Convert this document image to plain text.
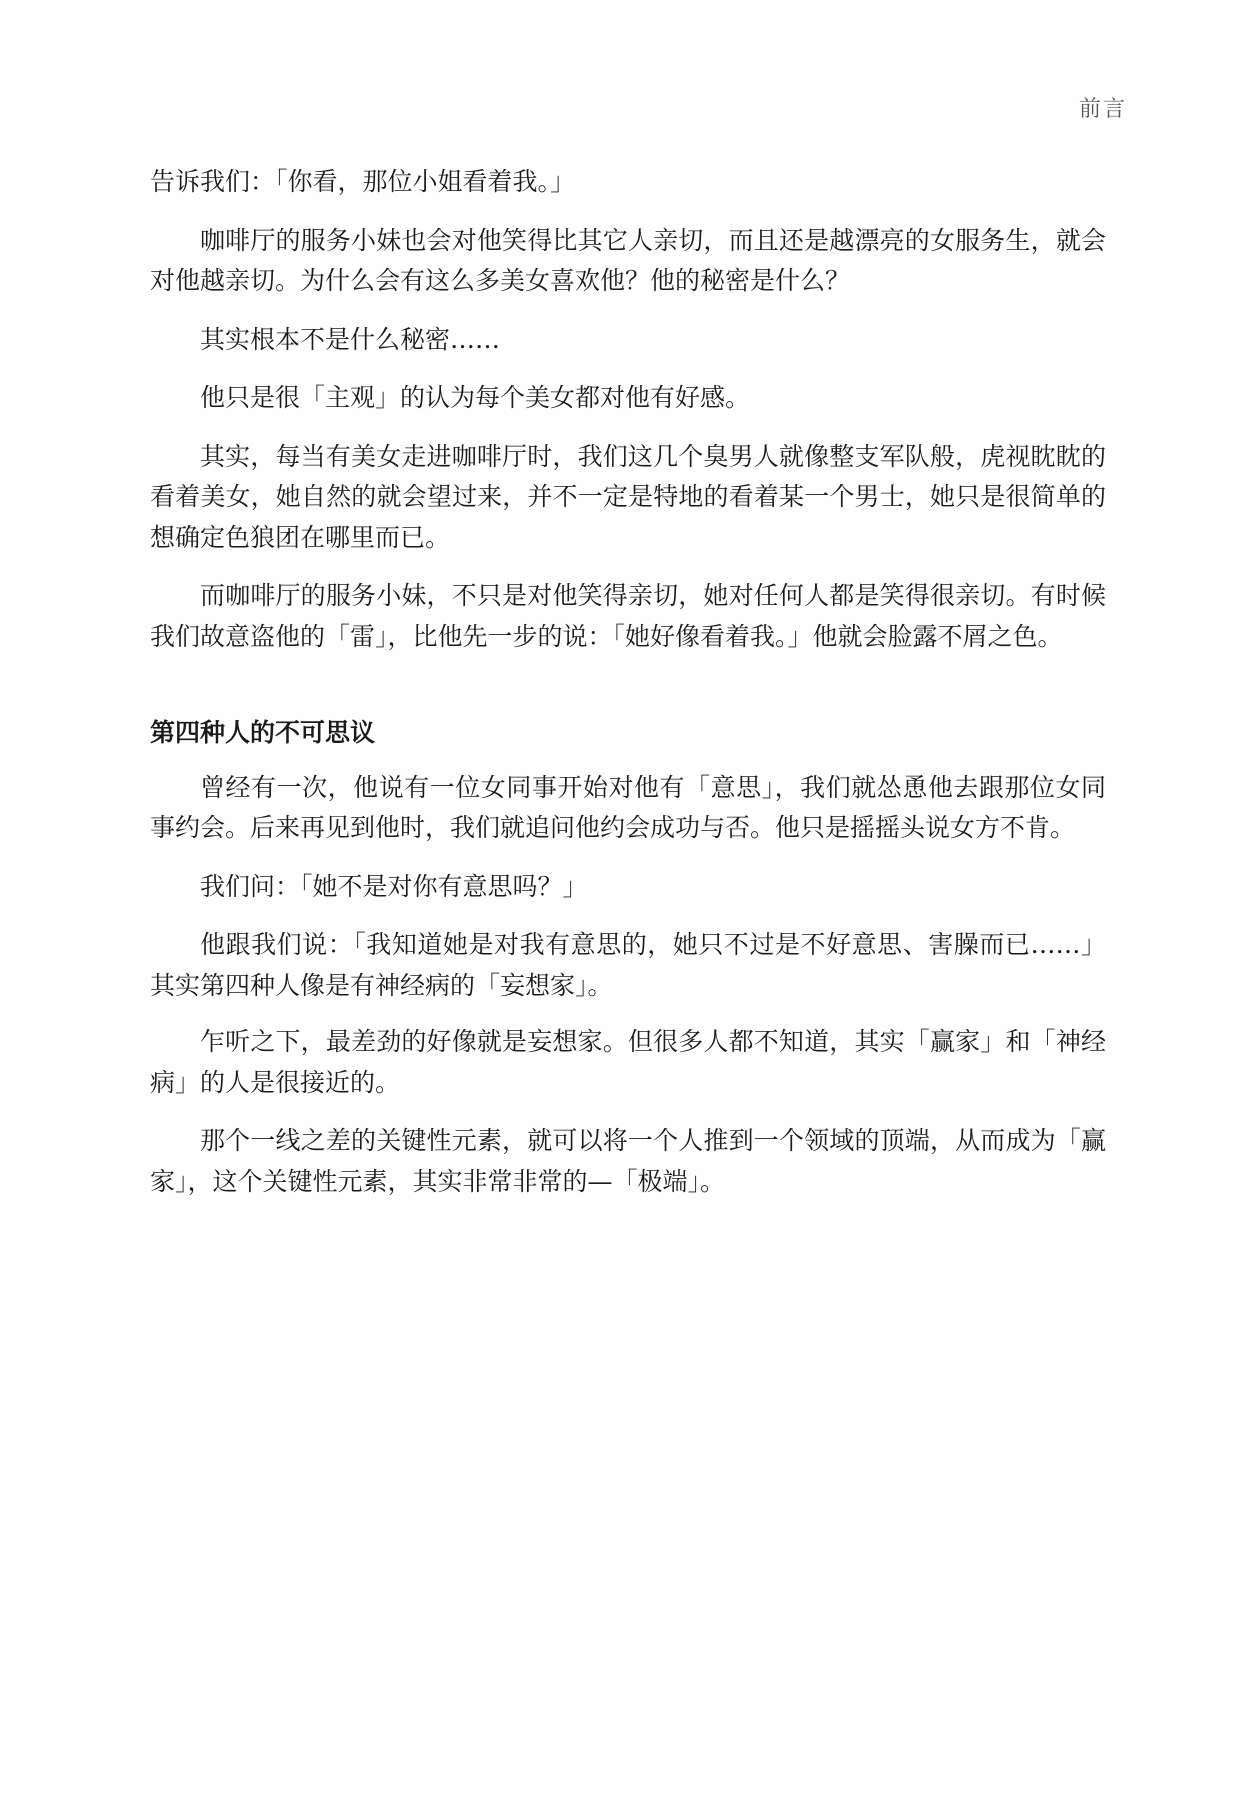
前言

告诉我们：「你看，那位小姐看着我。」

咖啡厅的服务小妹也会对他笑得比其它人亲切，而且还是越漂亮的女服务生，就会对他越亲切。为什么会有这么多美女喜欢他？他的秘密是什么？

其实根本不是什么秘密……

他只是很「主观」的认为每个美女都对他有好感。

其实，每当有美女走进咖啡厅时，我们这几个臭男人就像整支军队般，虎视眈眈的看着美女，她自然的就会望过来，并不一定是特地的看着某一个男士，她只是很简单的想确定色狼团在哪里而已。

而咖啡厅的服务小妹，不只是对他笑得亲切，她对任何人都是笑得很亲切。有时候我们故意盗他的「雷」，比他先一步的说：「她好像看着我。」他就会脸露不屑之色。

第四种人的不可思议

曾经有一次，他说有一位女同事开始对他有「意思」，我们就怂恿他去跟那位女同事约会。后来再见到他时，我们就追问他约会成功与否。他只是摇摇头说女方不肯。

我们问：「她不是对你有意思吗？」

他跟我们说：「我知道她是对我有意思的，她只不过是不好意思、害臊而已……」其实第四种人像是有神经病的「妄想家」。

乍听之下，最差劲的好像就是妄想家。但很多人都不知道，其实「赢家」和「神经病」的人是很接近的。

那个一线之差的关键性元素，就可以将一个人推到一个领域的顶端，从而成为「赢家」，这个关键性元素，其实非常非常的—「极端」。
